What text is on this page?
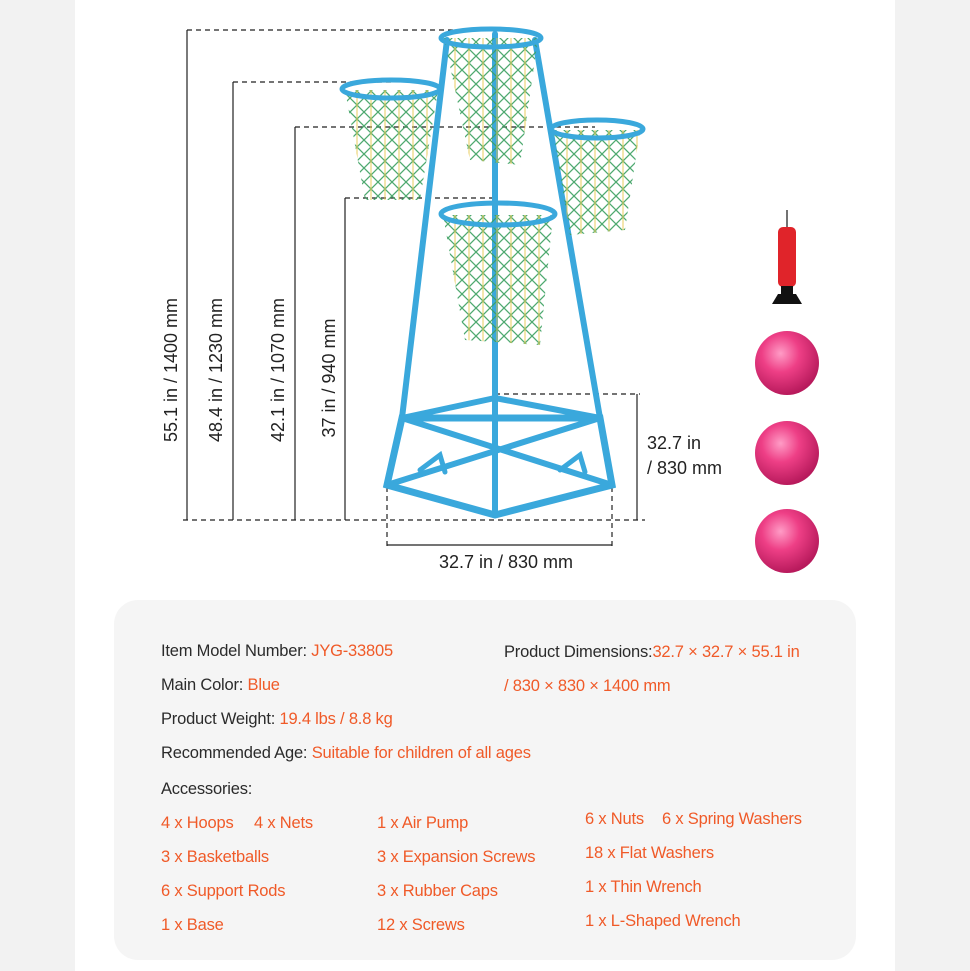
55.1 in / 1400 mm 48.4 in / 1230 mm 42.1 in / 1070 mm 37 in / 940 mm
32.7 in
/ 830 mm
32.7 in / 830 mm
Item Model Number: JYG-33805	Product Dimensions:32.7 × 32.7 × 55.1 in
/ 830 × 830 × 1400 mm
Main Color: Blue
Product Weight: 19.4 lbs / 8.8 kg
Recommended Age: Suitable for children of all ages
Accessories:
4 x Hoops 4 x Nets
3 x Basketballs
6 x Support Rods
1 x Base
1 x Air Pump
3 x Expansion Screws
3 x Rubber Caps
12 x Screws
6 x Nuts 6 x Spring Washers
18 x Flat Washers
1 x Thin Wrench
1 x L-Shaped Wrench
